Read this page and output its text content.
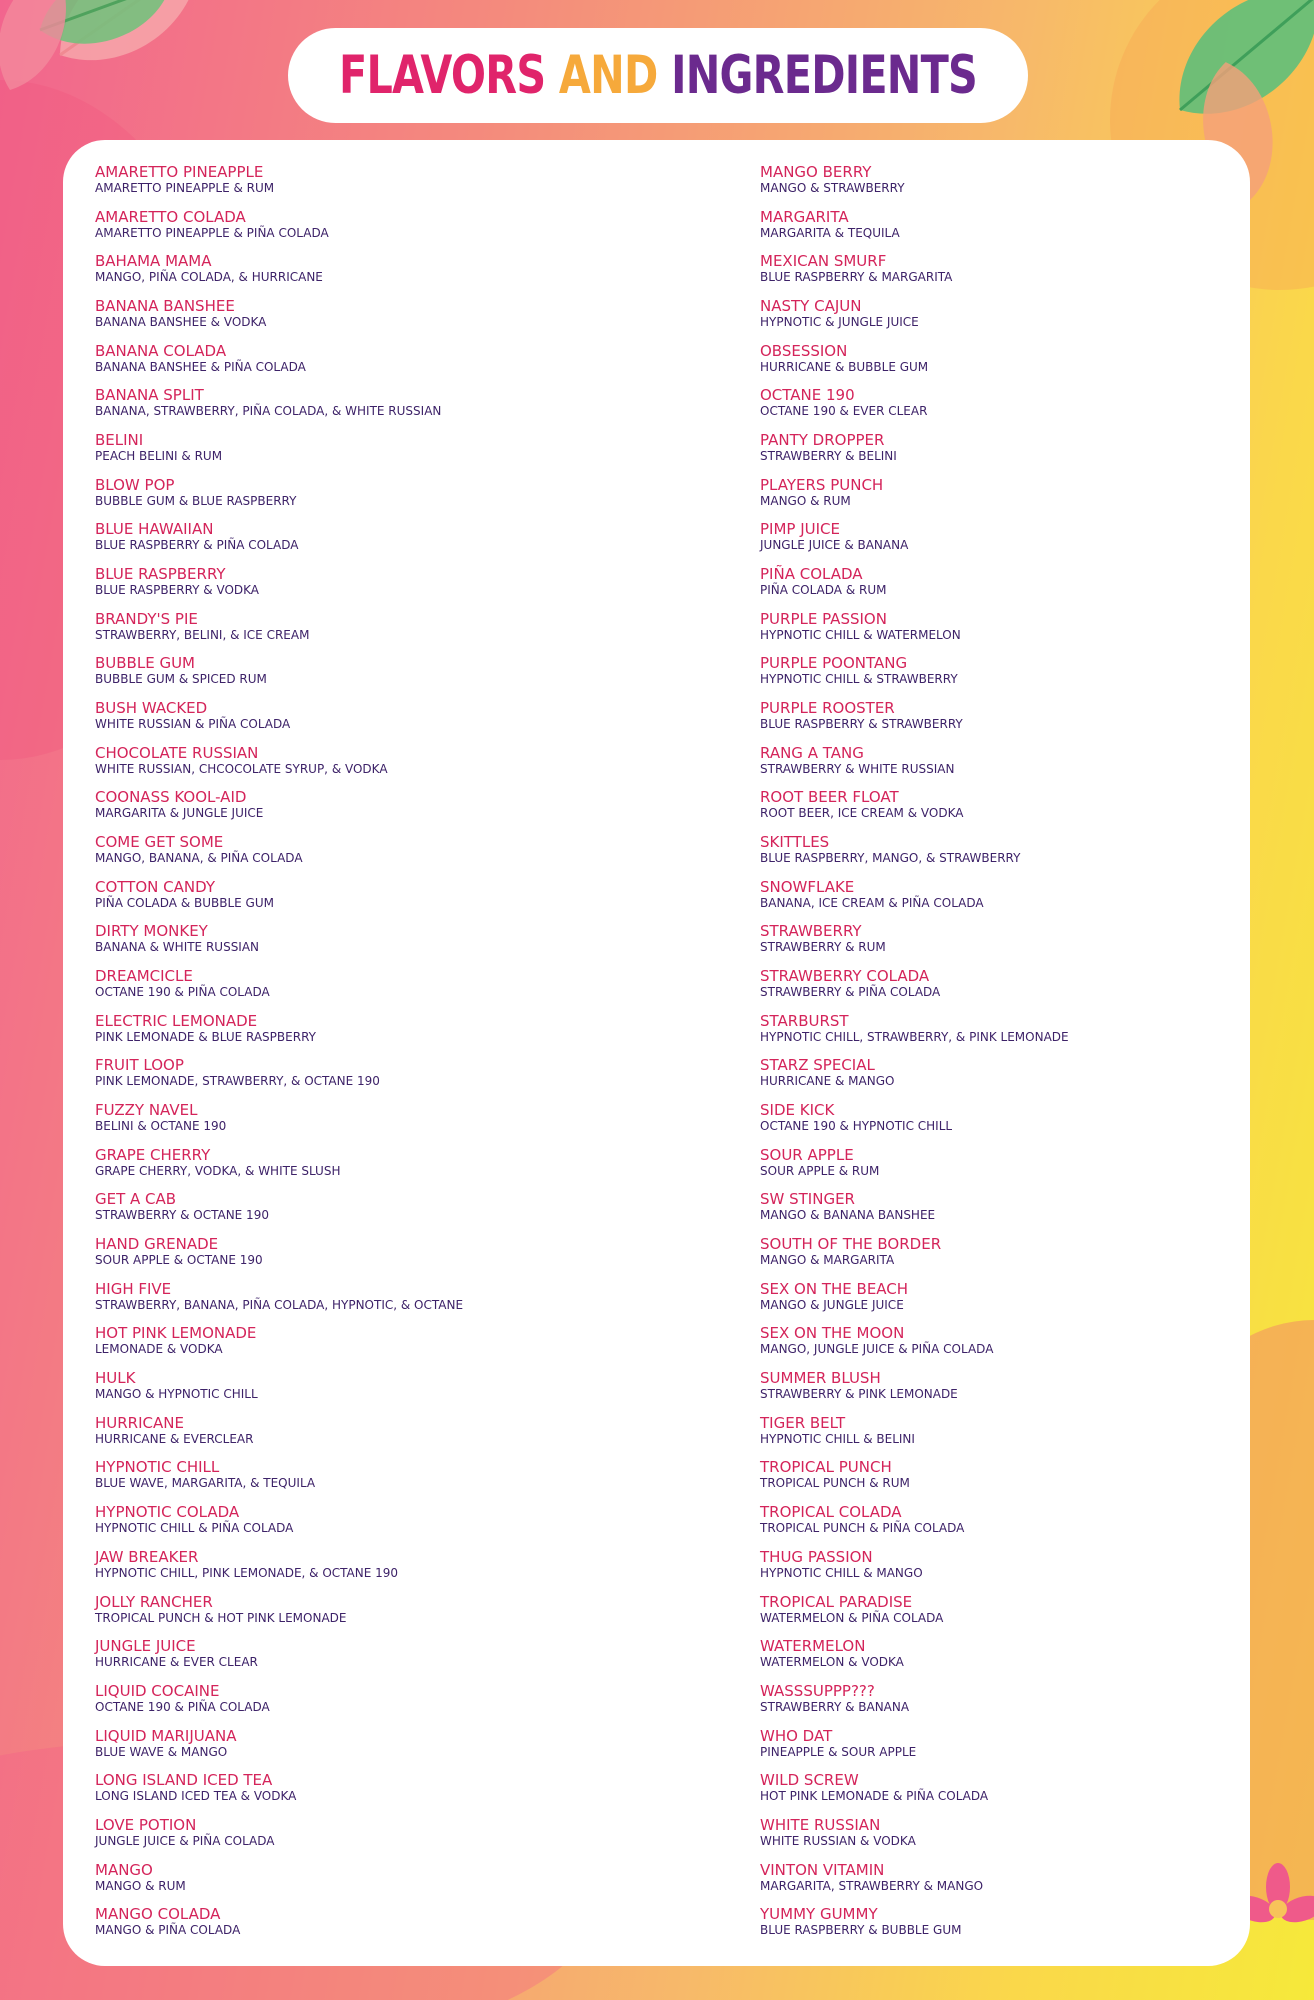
FLAVORS AND INGREDIENTS
AMARETTO PINEAPPLE
AMARETTO PINEAPPLE & RUM
AMARETTO COLADA
AMARETTO PINEAPPLE & PIÑA COLADA
BAHAMA MAMA
MANGO, PIÑA COLADA, & HURRICANE
BANANA BANSHEE
BANANA BANSHEE & VODKA
BANANA COLADA
BANANA BANSHEE & PIÑA COLADA
BANANA SPLIT
BANANA, STRAWBERRY, PIÑA COLADA, & WHITE RUSSIAN
BELINI
PEACH BELINI & RUM
BLOW POP
BUBBLE GUM & BLUE RASPBERRY
BLUE HAWAIIAN
BLUE RASPBERRY & PIÑA COLADA
BLUE RASPBERRY
BLUE RASPBERRY & VODKA
BRANDY'S PIE
STRAWBERRY, BELINI, & ICE CREAM
BUBBLE GUM
BUBBLE GUM & SPICED RUM
BUSH WACKED
WHITE RUSSIAN & PIÑA COLADA
CHOCOLATE RUSSIAN
WHITE RUSSIAN, CHCOCOLATE SYRUP, & VODKA
COONASS KOOL-AID
MARGARITA & JUNGLE JUICE
COME GET SOME
MANGO, BANANA, & PIÑA COLADA
COTTON CANDY
PIÑA COLADA & BUBBLE GUM
DIRTY MONKEY
BANANA & WHITE RUSSIAN
DREAMCICLE
OCTANE 190 & PIÑA COLADA
ELECTRIC LEMONADE
PINK LEMONADE & BLUE RASPBERRY
FRUIT LOOP
PINK LEMONADE, STRAWBERRY, & OCTANE 190
FUZZY NAVEL
BELINI & OCTANE 190
GRAPE CHERRY
GRAPE CHERRY, VODKA, & WHITE SLUSH
GET A CAB
STRAWBERRY & OCTANE 190
HAND GRENADE
SOUR APPLE & OCTANE 190
HIGH FIVE
STRAWBERRY, BANANA, PIÑA COLADA, HYPNOTIC, & OCTANE
HOT PINK LEMONADE
LEMONADE & VODKA
HULK
MANGO & HYPNOTIC CHILL
HURRICANE
HURRICANE & EVERCLEAR
HYPNOTIC CHILL
BLUE WAVE, MARGARITA, & TEQUILA
HYPNOTIC COLADA
HYPNOTIC CHILL & PIÑA COLADA
JAW BREAKER
HYPNOTIC CHILL, PINK LEMONADE, & OCTANE 190
JOLLY RANCHER
TROPICAL PUNCH & HOT PINK LEMONADE
JUNGLE JUICE
HURRICANE & EVER CLEAR
LIQUID COCAINE
OCTANE 190 & PIÑA COLADA
LIQUID MARIJUANA
BLUE WAVE & MANGO
LONG ISLAND ICED TEA
LONG ISLAND ICED TEA & VODKA
LOVE POTION
JUNGLE JUICE & PIÑA COLADA
MANGO
MANGO & RUM
MANGO COLADA
MANGO & PIÑA COLADA
MANGO BERRY
MANGO & STRAWBERRY
MARGARITA
MARGARITA & TEQUILA
MEXICAN SMURF
BLUE RASPBERRY & MARGARITA
NASTY CAJUN
HYPNOTIC & JUNGLE JUICE
OBSESSION
HURRICANE & BUBBLE GUM
OCTANE 190
OCTANE 190 & EVER CLEAR
PANTY DROPPER
STRAWBERRY & BELINI
PLAYERS PUNCH
MANGO & RUM
PIMP JUICE
JUNGLE JUICE & BANANA
PIÑA COLADA
PIÑA COLADA & RUM
PURPLE PASSION
HYPNOTIC CHILL & WATERMELON
PURPLE POONTANG
HYPNOTIC CHILL & STRAWBERRY
PURPLE ROOSTER
BLUE RASPBERRY & STRAWBERRY
RANG A TANG
STRAWBERRY & WHITE RUSSIAN
ROOT BEER FLOAT
ROOT BEER, ICE CREAM & VODKA
SKITTLES
BLUE RASPBERRY, MANGO, & STRAWBERRY
SNOWFLAKE
BANANA, ICE CREAM & PIÑA COLADA
STRAWBERRY
STRAWBERRY & RUM
STRAWBERRY COLADA
STRAWBERRY & PIÑA COLADA
STARBURST
HYPNOTIC CHILL, STRAWBERRY, & PINK LEMONADE
STARZ SPECIAL
HURRICANE & MANGO
SIDE KICK
OCTANE 190 & HYPNOTIC CHILL
SOUR APPLE
SOUR APPLE & RUM
SW STINGER
MANGO & BANANA BANSHEE
SOUTH OF THE BORDER
MANGO & MARGARITA
SEX ON THE BEACH
MANGO & JUNGLE JUICE
SEX ON THE MOON
MANGO, JUNGLE JUICE & PIÑA COLADA
SUMMER BLUSH
STRAWBERRY & PINK LEMONADE
TIGER BELT
HYPNOTIC CHILL & BELINI
TROPICAL PUNCH
TROPICAL PUNCH & RUM
TROPICAL COLADA
TROPICAL PUNCH & PIÑA COLADA
THUG PASSION
HYPNOTIC CHILL & MANGO
TROPICAL PARADISE
WATERMELON & PIÑA COLADA
WATERMELON
WATERMELON & VODKA
WASSSUPPP???
STRAWBERRY & BANANA
WHO DAT
PINEAPPLE & SOUR APPLE
WILD SCREW
HOT PINK LEMONADE & PIÑA COLADA
WHITE RUSSIAN
WHITE RUSSIAN & VODKA
VINTON VITAMIN
MARGARITA, STRAWBERRY & MANGO
YUMMY GUMMY
BLUE RASPBERRY & BUBBLE GUM
